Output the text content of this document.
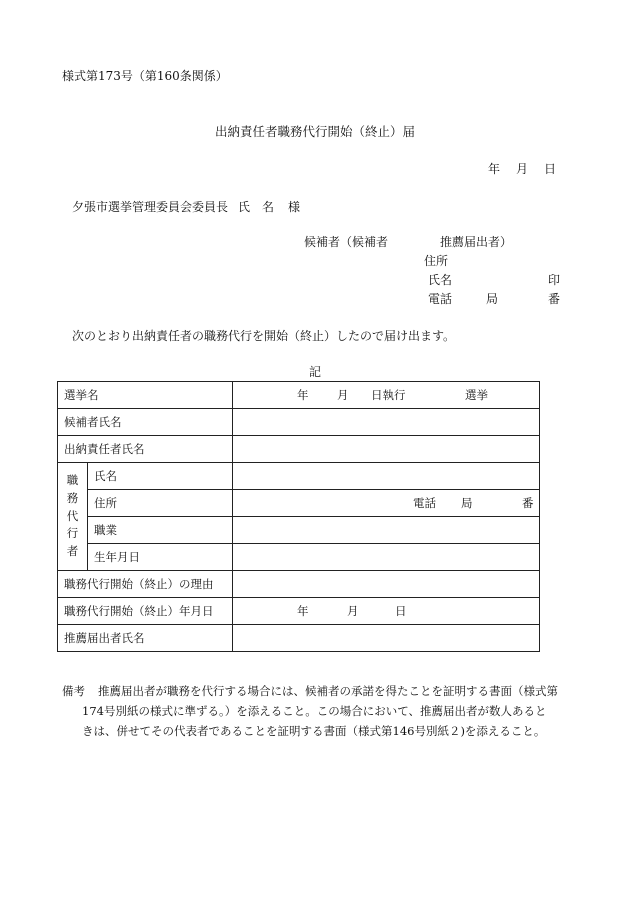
様式第173号（第160条関係）
出納責任者職務代行開始（終止）届
年 月 日
夕張市選挙管理委員会委員長 氏 名 様
候補者（候補者	推薦届出者）
住所
氏名	印
電話	局	番
次のとおり出納責任者の職務代行を開始（終止）したので届け出ます。
記
選挙名		年 月 日執行 選挙

候補者氏名		
出納責任者氏名		

職
務
代
行
者	氏名	
	住所	電話 局 番

	職業	
	生年月日	
職務代行開始（終止）の理由		
職務代行開始（終止）年月日		年 月 日

推薦届出者氏名		
備考	推薦届出者が職務を代行する場合には、候補者の承諾を得たことを証明する書面（様式第
174号別紙の様式に準ずる。）を添えること。この場合において、推薦届出者が数人あると
きは、併せてその代表者であることを証明する書面（様式第146号別紙２)を添えること。
